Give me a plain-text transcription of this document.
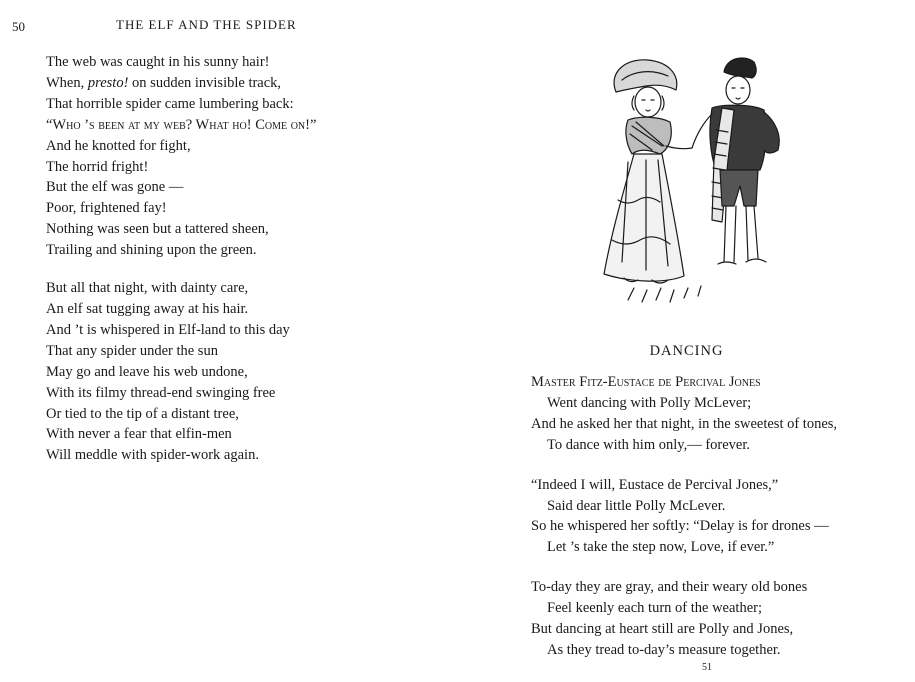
50	THE ELF AND THE SPIDER
The web was caught in his sunny hair!
When, presto! on sudden invisible track,
That horrible spider came lumbering back:
“Who ’s been at my web? What ho! Come on!”
And he knotted for fight,
The horrid fright!
But the elf was gone —
Poor, frightened fay!
Nothing was seen but a tattered sheen,
Trailing and shining upon the green.
But all that night, with dainty care,
An elf sat tugging away at his hair.
And ’t is whispered in Elf-land to this day
That any spider under the sun
May go and leave his web undone,
With its filmy thread-end swinging free
Or tied to the tip of a distant tree,
With never a fear that elfin-men
Will meddle with spider-work again.
DANCING
Master Fitz-Eustace de Percival Jones
Went dancing with Polly McLever;
And he asked her that night, in the sweetest of tones,
To dance with him only,— forever.
“Indeed I will, Eustace de Percival Jones,”
Said dear little Polly McLever.
So he whispered her softly: “Delay is for drones —
Let ’s take the step now, Love, if ever.”
To-day they are gray, and their weary old bones
Feel keenly each turn of the weather;
But dancing at heart still are Polly and Jones,
As they tread to-day’s measure together.
51
